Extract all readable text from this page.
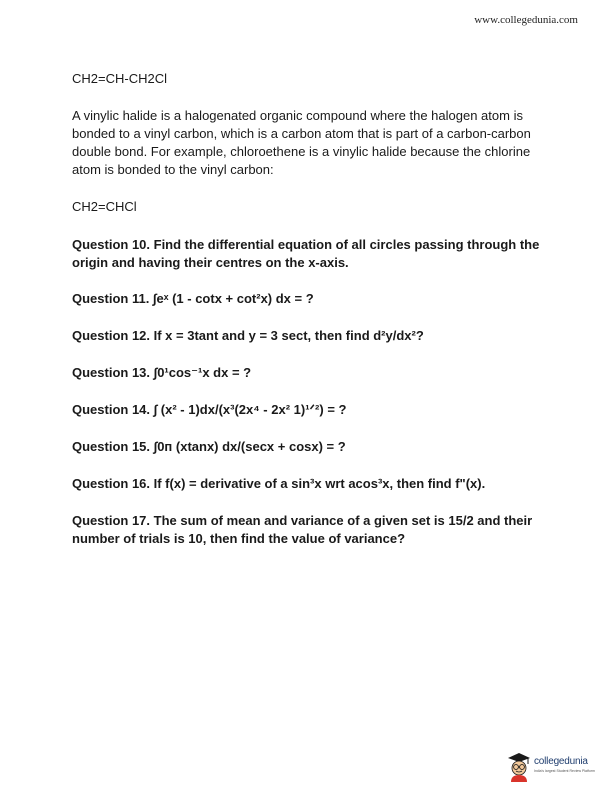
www.collegedunia.com

CH2=CH-CH2Cl

A vinylic halide is a halogenated organic compound where the halogen atom is bonded to a vinyl carbon, which is a carbon atom that is part of a carbon-carbon double bond. For example, chloroethene is a vinylic halide because the chlorine atom is bonded to the vinyl carbon:

CH2=CHCl

Question 10. Find the differential equation of all circles passing through the origin and having their centres on the x-axis.

Question 11. ∫eˣ (1 - cotx + cot²x) dx = ?

Question 12. If x = 3tant and y = 3 sect, then find d²y/dx²?

Question 13. ∫0¹cos⁻¹x dx = ?

Question 14. ∫ (x² - 1)dx/(x³(2x⁴ - 2x² 1)¹ᐟ²) = ?

Question 15. ∫0ᴨ (xtanx) dx/(secx + cosx) = ?

Question 16. If f(x) = derivative of a sin³x wrt acos³x, then find f"(x).

Question 17. The sum of mean and variance of a given set is 15/2 and their number of trials is 10, then find the value of variance?

collegedunia
India's largest Student Review Platform
